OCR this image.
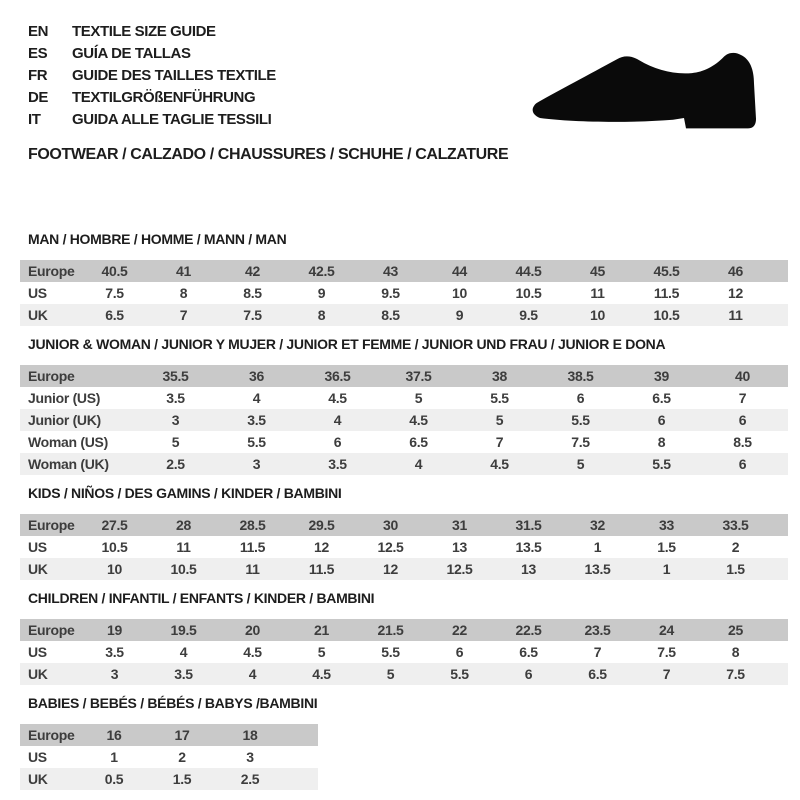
EN	TEXTILE SIZE GUIDE
ES	GUÍA DE TALLAS
FR	GUIDE DES TAILLES TEXTILE
DE	TEXTILGRÖßENFÜHRUNG
IT	GUIDA ALLE TAGLIE TESSILI
FOOTWEAR / CALZADO / CHAUSSURES / SCHUHE / CALZATURE
MAN / HOMBRE / HOMME / MANN / MAN
Europe	40.5	41	42	42.5	43	44	44.5	45	45.5	46	
US	7.5	8	8.5	9	9.5	10	10.5	11	11.5	12	
UK	6.5	7	7.5	8	8.5	9	9.5	10	10.5	11	
JUNIOR & WOMAN / JUNIOR Y MUJER / JUNIOR ET FEMME / JUNIOR UND FRAU / JUNIOR E DONA
Europe	35.5	36	36.5	37.5	38	38.5	39	40	
Junior (US)	3.5	4	4.5	5	5.5	6	6.5	7	
Junior (UK)	3	3.5	4	4.5	5	5.5	6	6	
Woman (US)	5	5.5	6	6.5	7	7.5	8	8.5	
Woman (UK)	2.5	3	3.5	4	4.5	5	5.5	6	
KIDS / NIÑOS / DES GAMINS / KINDER / BAMBINI
Europe	27.5	28	28.5	29.5	30	31	31.5	32	33	33.5	
US	10.5	11	11.5	12	12.5	13	13.5	1	1.5	2	
UK	10	10.5	11	11.5	12	12.5	13	13.5	1	1.5	
CHILDREN / INFANTIL / ENFANTS / KINDER / BAMBINI
Europe	19	19.5	20	21	21.5	22	22.5	23.5	24	25	
US	3.5	4	4.5	5	5.5	6	6.5	7	7.5	8	
UK	3	3.5	4	4.5	5	5.5	6	6.5	7	7.5	
BABIES / BEBÉS / BÉBÉS / BABYS /BAMBINI
Europe	16	17	18	
US	1	2	3	
UK	0.5	1.5	2.5	
